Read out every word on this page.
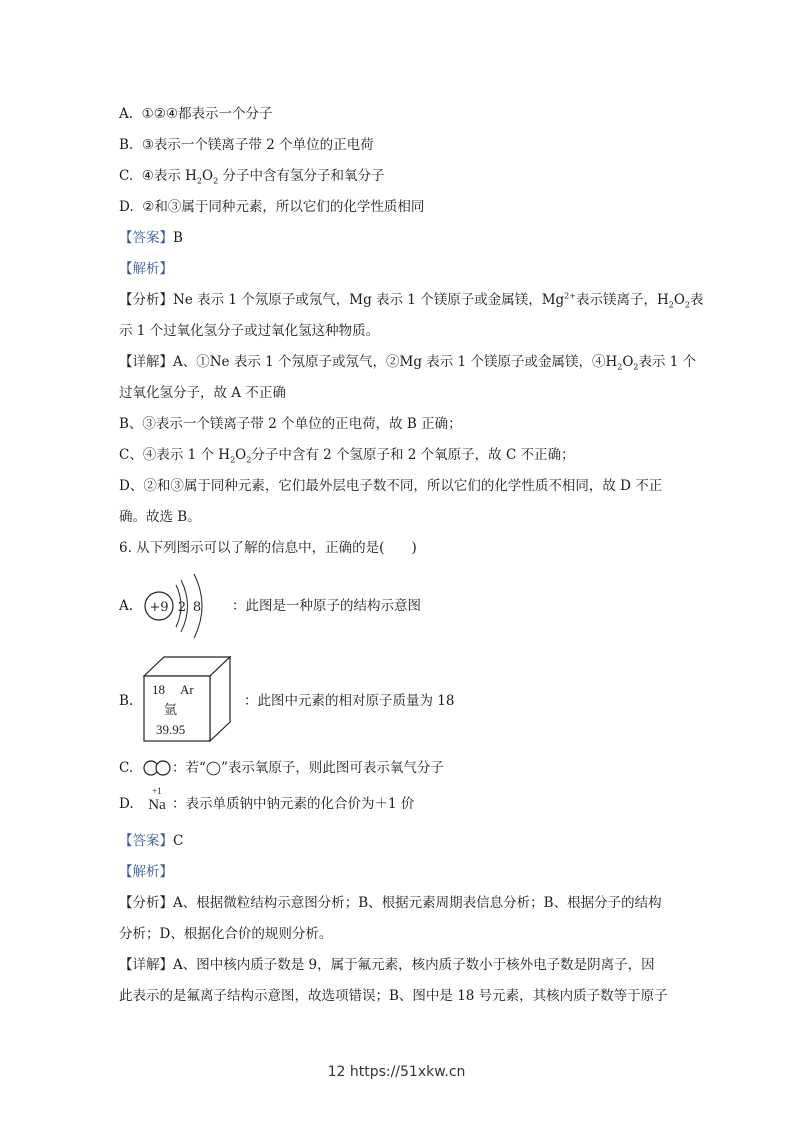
A. ①②④都表示一个分子
B. ③表示一个镁离子带 2 个单位的正电荷
C. ④表示 $H_2O_2$ 分子中含有氢分子和氧分子
D. ②和③属于同种元素，所以它们的化学性质相同
【答案】B
【解析】
【分析】Ne 表示 1 个氖原子或氖气，Mg 表示 1 个镁原子或金属镁，$Mg^{2+}$表示镁离子，$H_2O_2$表
示 1 个过氧化氢分子或过氧化氢这种物质。
【详解】A、①Ne 表示 1 个氖原子或氖气，②Mg 表示 1 个镁原子或金属镁，$④H_2O_2$表示 1 个
过氧化氢分子，故 A 不正确
B、③表示一个镁离子带 2 个单位的正电荷，故 B 正确；
C、④表示 1 个 $H_2O_2$分子中含有 2 个氢原子和 2 个氧原子，故 C 不正确；
D、②和③属于同种元素，它们最外层电子数不同，所以它们的化学性质不相同，故 D 不正
确。故选 B。
6. 从下列图示可以了解的信息中，正确的是(　　)
A.	+9 2 8 ：此图是一种原子的结构示意图
B.
18 Ar
氩
39.95
：此图中元素的相对原子质量为 18
C.	：若“◯”表示氧原子，则此图可表示氧气分子
D.
+1
Na ：表示单质钠中钠元素的化合价为＋1 价
【答案】C
【解析】
【分析】A、根据微粒结构示意图分析；B、根据元素周期表信息分析；B、根据分子的结构
分析；D、根据化合价的规则分析。
【详解】A、图中核内质子数是 9，属于氟元素，核内质子数小于核外电子数是阴离子，因
此表示的是氟离子结构示意图，故选项错误；B、图中是 18 号元素，其核内质子数等于原子
12 https://51xkw.cn
